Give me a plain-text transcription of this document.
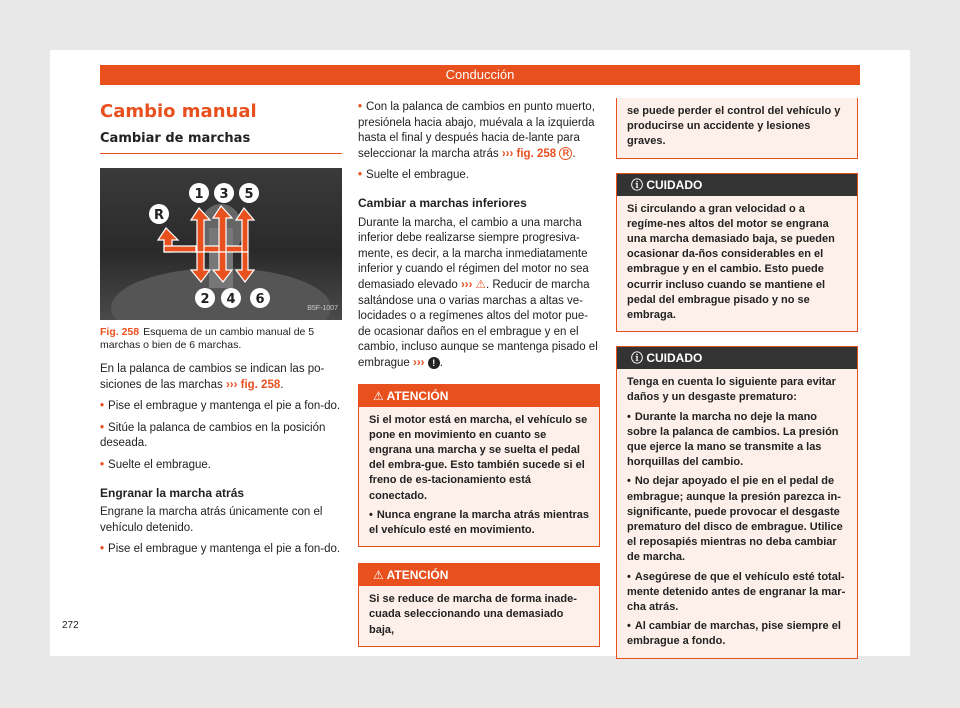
Conducción
Cambio manual
Cambiar de marchas
1 3 5
R
2 4 6
B5F-1007
Fig. 258 Esquema de un cambio manual de 5 marchas o bien de 6 marchas.

En la palanca de cambios se indican las po-siciones de las marchas ››› fig. 258.

• Pise el embrague y mantenga el pie a fon-do.
• Sitúe la palanca de cambios en la posición deseada.
• Suelte el embrague.
Engranar la marcha atrás
Engrane la marcha atrás únicamente con el vehículo detenido.
• Pise el embrague y mantenga el pie a fon-do.
• Con la palanca de cambios en punto muerto, presiónela hacia abajo, muévala a la izquierda hasta el final y después hacia de-lante para seleccionar la marcha atrás ››› fig. 258 R .
• Suelte el embrague.
Cambiar a marchas inferiores
Durante la marcha, el cambio a una marcha inferior debe realizarse siempre progresiva-mente, es decir, a la marcha inmediatamente inferior y cuando el régimen del motor no sea demasiado elevado ››› ⚠. Reducir de marcha saltándose una o varias marchas a altas ve-locidades o a regímenes altos del motor pue-de ocasionar daños en el embrague y en el cambio, incluso aunque se mantenga pisado el embrague ››› ! .
⚠ ATENCIÓN
Si el motor está en marcha, el vehículo se pone en movimiento en cuanto se engrana una marcha y se suelta el pedal del embra-gue. Esto también sucede si el freno de es-tacionamiento está conectado.
• Nunca engrane la marcha atrás mientras el vehículo esté en movimiento.
⚠ ATENCIÓN
Si se reduce de marcha de forma inade-cuada seleccionando una demasiado baja,
se puede perder el control del vehículo y producirse un accidente y lesiones graves.
ⓘ CUIDADO
Si circulando a gran velocidad o a regíme-nes altos del motor se engrana una marcha demasiado baja, se pueden ocasionar da-ños considerables en el embrague y en el cambio. Esto puede ocurrir incluso cuando se mantiene el pedal del embrague pisado y no se embraga.
ⓘ CUIDADO
Tenga en cuenta lo siguiente para evitar daños y un desgaste prematuro:
• Durante la marcha no deje la mano sobre la palanca de cambios. La presión que ejerce la mano se transmite a las horquillas del cambio.
• No dejar apoyado el pie en el pedal de embrague; aunque la presión parezca in-significante, puede provocar el desgaste prematuro del disco de embrague. Utilice el reposapiés mientras no deba cambiar de marcha.
• Asegúrese de que el vehículo esté total-mente detenido antes de engranar la mar-cha atrás.
• Al cambiar de marchas, pise siempre el embrague a fondo.
272
